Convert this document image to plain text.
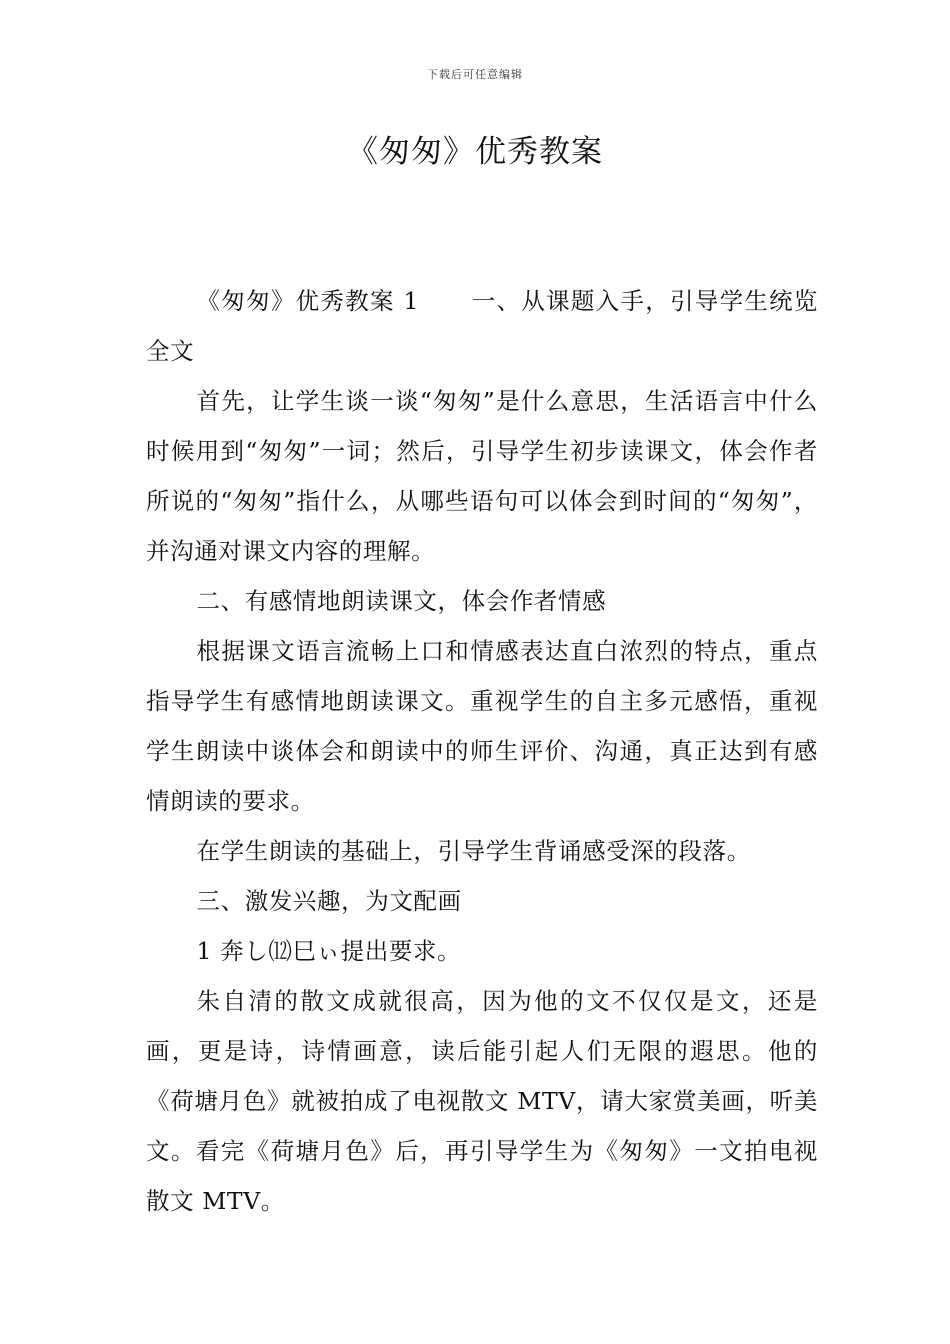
下载后可任意编辑
《匆匆》优秀教案

《匆匆》优秀教案 1 一、从课题入手，引导学生统览全文

首先，让学生谈一谈“匆匆”是什么意思，生活语言中什么时候用到“匆匆”一词；然后，引导学生初步读课文，体会作者所说的“匆匆”指什么，从哪些语句可以体会到时间的“匆匆”，并沟通对课文内容的理解。

二、有感情地朗读课文，体会作者情感

根据课文语言流畅上口和情感表达直白浓烈的特点，重点指导学生有感情地朗读课文。重视学生的自主多元感悟，重视学生朗读中谈体会和朗读中的师生评价、沟通，真正达到有感情朗读的要求。

在学生朗读的基础上，引导学生背诵感受深的段落。

三、激发兴趣，为文配画

1 奔し⑿巳ぃ提出要求。

朱自清的散文成就很高，因为他的文不仅仅是文，还是画，更是诗，诗情画意，读后能引起人们无限的遐思。他的《荷塘月色》就被拍成了电视散文 MTV，请大家赏美画，听美文。看完《荷塘月色》后，再引导学生为《匆匆》一文拍电视散文 MTV。
